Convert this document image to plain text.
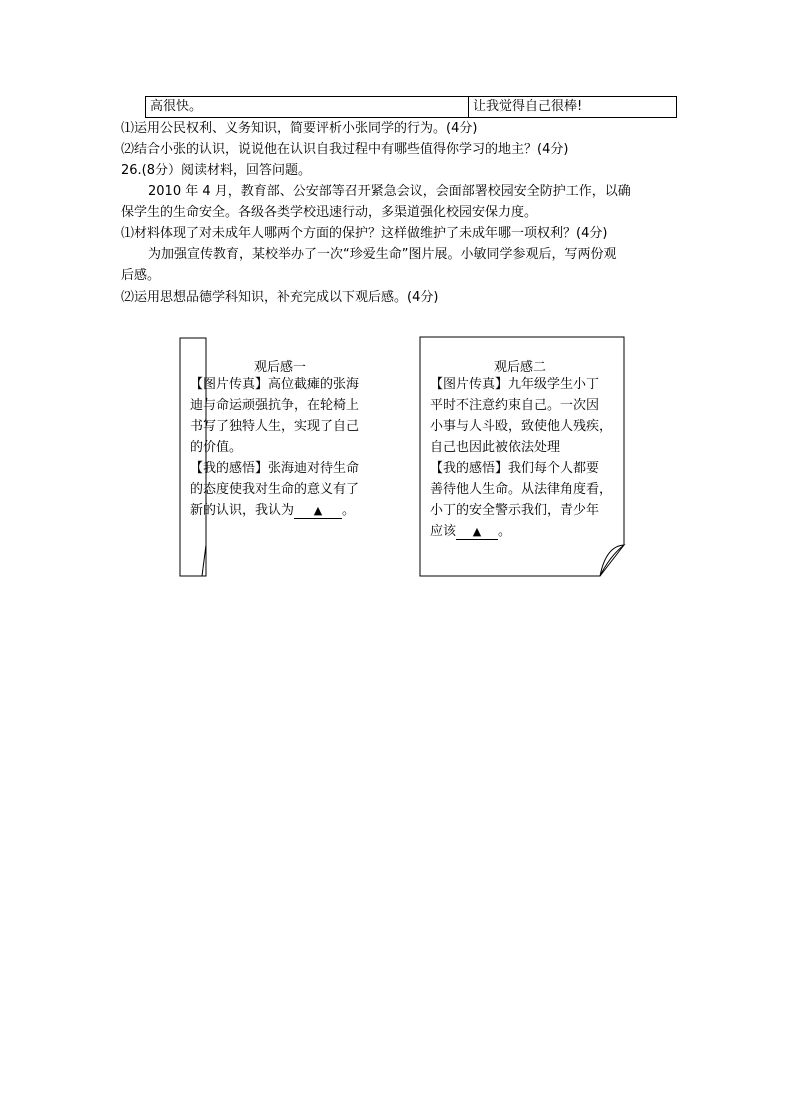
高很快。	让我觉得自己很棒!
⑴运用公民权利、义务知识，简要评析小张同学的行为。(4分)
⑵结合小张的认识，说说他在认识自我过程中有哪些值得你学习的地主？(4分)
26.(8分）阅读材料，回答问题。
2010 年 4 月，教育部、公安部等召开紧急会议，会面部署校园安全防护工作，以确
保学生的生命安全。各级各类学校迅速行动，多渠道强化校园安保力度。
⑴材料体现了对未成年人哪两个方面的保护？这样做维护了未成年哪一项权利？(4分)
为加强宣传教育，某校举办了一次“珍爱生命”图片展。小敏同学参观后，写两份观
后感。
⑵运用思想品德学科知识，补充完成以下观后感。(4分)
观后感一
【图片传真】高位截瘫的张海
迪与命运顽强抗争，在轮椅上
书写了独特人生，实现了自己
的价值。
【我的感悟】张海迪对待生命
的态度使我对生命的意义有了
新的认识，我认为 ▲ 。
观后感二
【图片传真】九年级学生小丁
平时不注意约束自己。一次因
小事与人斗殴，致使他人残疾，
自己也因此被依法处理
【我的感悟】我们每个人都要
善待他人生命。从法律角度看，
小丁的安全警示我们，青少年
应该 ▲ 。
